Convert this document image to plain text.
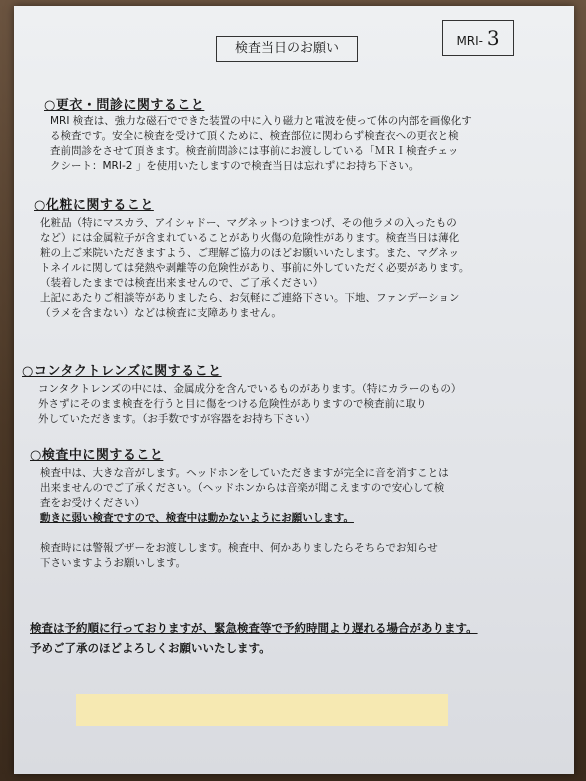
検査当日のお願い	MRI- 3
○更衣・問診に関すること
MRI 検査は、強力な磁石でできた装置の中に入り磁力と電波を使って体の内部を画像化す
る検査です。安全に検査を受けて頂くために、検査部位に関わらず検査衣への更衣と検
査前問診をさせて頂きます。検査前問診には事前にお渡ししている「ＭＲＩ検査チェッ
クシート：MRI-2 」を使用いたしますので検査当日は忘れずにお持ち下さい。
○化粧に関すること
化粧品（特にマスカラ、アイシャドー、マグネットつけまつげ、その他ラメの入ったもの
など）には金属粒子が含まれていることがあり火傷の危険性があります。検査当日は薄化
粧の上ご来院いただきますよう、ご理解ご協力のほどお願いいたします。また、マグネッ
トネイルに関しては発熱や剥離等の危険性があり、事前に外していただく必要があります。
（装着したままでは検査出来ませんので、ご了承ください）
上記にあたりご相談等がありましたら、お気軽にご連絡下さい。下地、ファンデーション
（ラメを含まない）などは検査に支障ありません。
○コンタクトレンズに関すること
コンタクトレンズの中には、金属成分を含んでいるものがあります。（特にカラーのもの）
外さずにそのまま検査を行うと目に傷をつける危険性がありますので検査前に取り
外していただきます。（お手数ですが容器をお持ち下さい）
○検査中に関すること
検査中は、大きな音がします。ヘッドホンをしていただきますが完全に音を消すことは
出来ませんのでご了承ください。（ヘッドホンからは音楽が聞こえますので安心して検
査をお受けください）
動きに弱い検査ですので、検査中は動かないようにお願いします。
検査時には警報ブザーをお渡しします。検査中、何かありましたらそちらでお知らせ
下さいますようお願いします。
検査は予約順に行っておりますが、緊急検査等で予約時間より遅れる場合があります。
予めご了承のほどよろしくお願いいたします。
